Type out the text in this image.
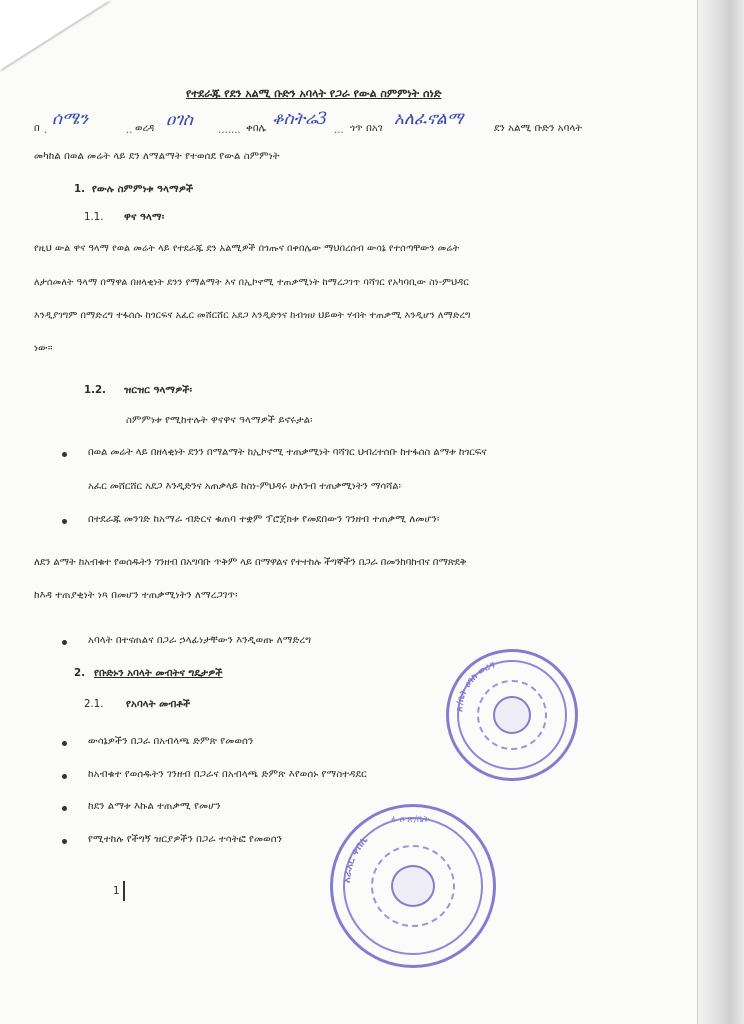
የተደራጁ የደን አልሚ ቡድን አባላት የጋራ የውል ስምምነት ሰነድ
በ .
ሰሜን
.. ወረዳ ዐገስ
....... ቀበሌ ቆስትሬ3
... ጎጥ በአገ አለፈኖልማ	ደን አልሚ ቡድን አባላት
መካከል በወል መሬት ላይ ደን ለማልማት የተወሰደ የውል ስምምነት
1. የውሉ ስምምነቱ ዓላማዎች
1.1. ዋና ዓላማ፡
የዚህ ውል ዋና ዓላማ የወል መሬት ላይ የተደራጁ ደን አልሚዎች በጎጡና በቀበሌው ማህበረሰብ ውሳኔ የተሰጣቸውን መሬት
ለታሰመለት ዓላማ በማዋል በዘላቂነት ደንን የማልማት እና በኢኮኖሚ ተጠቃሚነት ከማረጋገጥ ባሻገር የአካባቢው ስነ-ምህዳር
እንዲያገግም በማድረግ ተፋሰሱ ከጎርፍና አፈር መሸርሸር አደጋ እንዲድንና ከብዝሀ ህይወት ሃብት ተጠቃሚ እንዲሆን ለማድረግ
ነው።
1.2. ዝርዝር ዓላማዎች፡
ስምምነቱ የሚከተሉት ዋናዋና ዓላማዎች ይኖሩታል፡
በወል መሬት ላይ በዘላቂነት ደንን በማልማት ከኢኮኖሚ ተጠቃሚነት ባሻገር ህብረተሰቡ ከተፋሰስ ልማቱ ከጎርፍና
አፈር መሸርሸር አደጋ እንዲድንና አጠቃላይ ከስነ-ምህዳሩ ሁለንብ ተጠቃሚነትን ማሳሻል፡
በተደራጁ መንገድ ከአማራ ብድርና ቁጠባ ተቋም ፕሮጀክቱ የመደበውን ገንዘብ ተጠቃሚ ለመሆን፡
ለደን ልማት ከአብቁተ የወሰዱትን ገንዘብ በአግባቡ ጥቅም ላይ በማዋልና የተተከሉ ችግኞችን በጋራ በመንከባከብና በማጽደቅ
ከእዳ ተጠያቂነት ነጻ በመሆን ተጠቃሚነትን ለማረጋገጥ፡
አባላት በተናጠልና በጋራ ኃላፊነታቸውን እንዲወጡ ለማድረግ
2. የቡድኑን አባላት መብትና ግዴታዎች
2.1. የአባላት መብቶች
ውሳኔዎችን በጋራ በአብላጫ ድምጽ የመወሰን
ከአብቁተ የወሰዱትን ገንዘብ በጋራና በአብላጫ ድምጽ እየወሰኑ የማስተዳደር
ከደን ልማቱ እኩል ተጠቃሚ የመሆን
የሚተከሉ የችግኝ ዝርያዎችን በጋራ ተሳትፎ የመወሰን
1
ጽ/ቤት ዐገስ ወረዳ
አራአር ቀበሌ
ፋ ዐ ጽ/ቤት
